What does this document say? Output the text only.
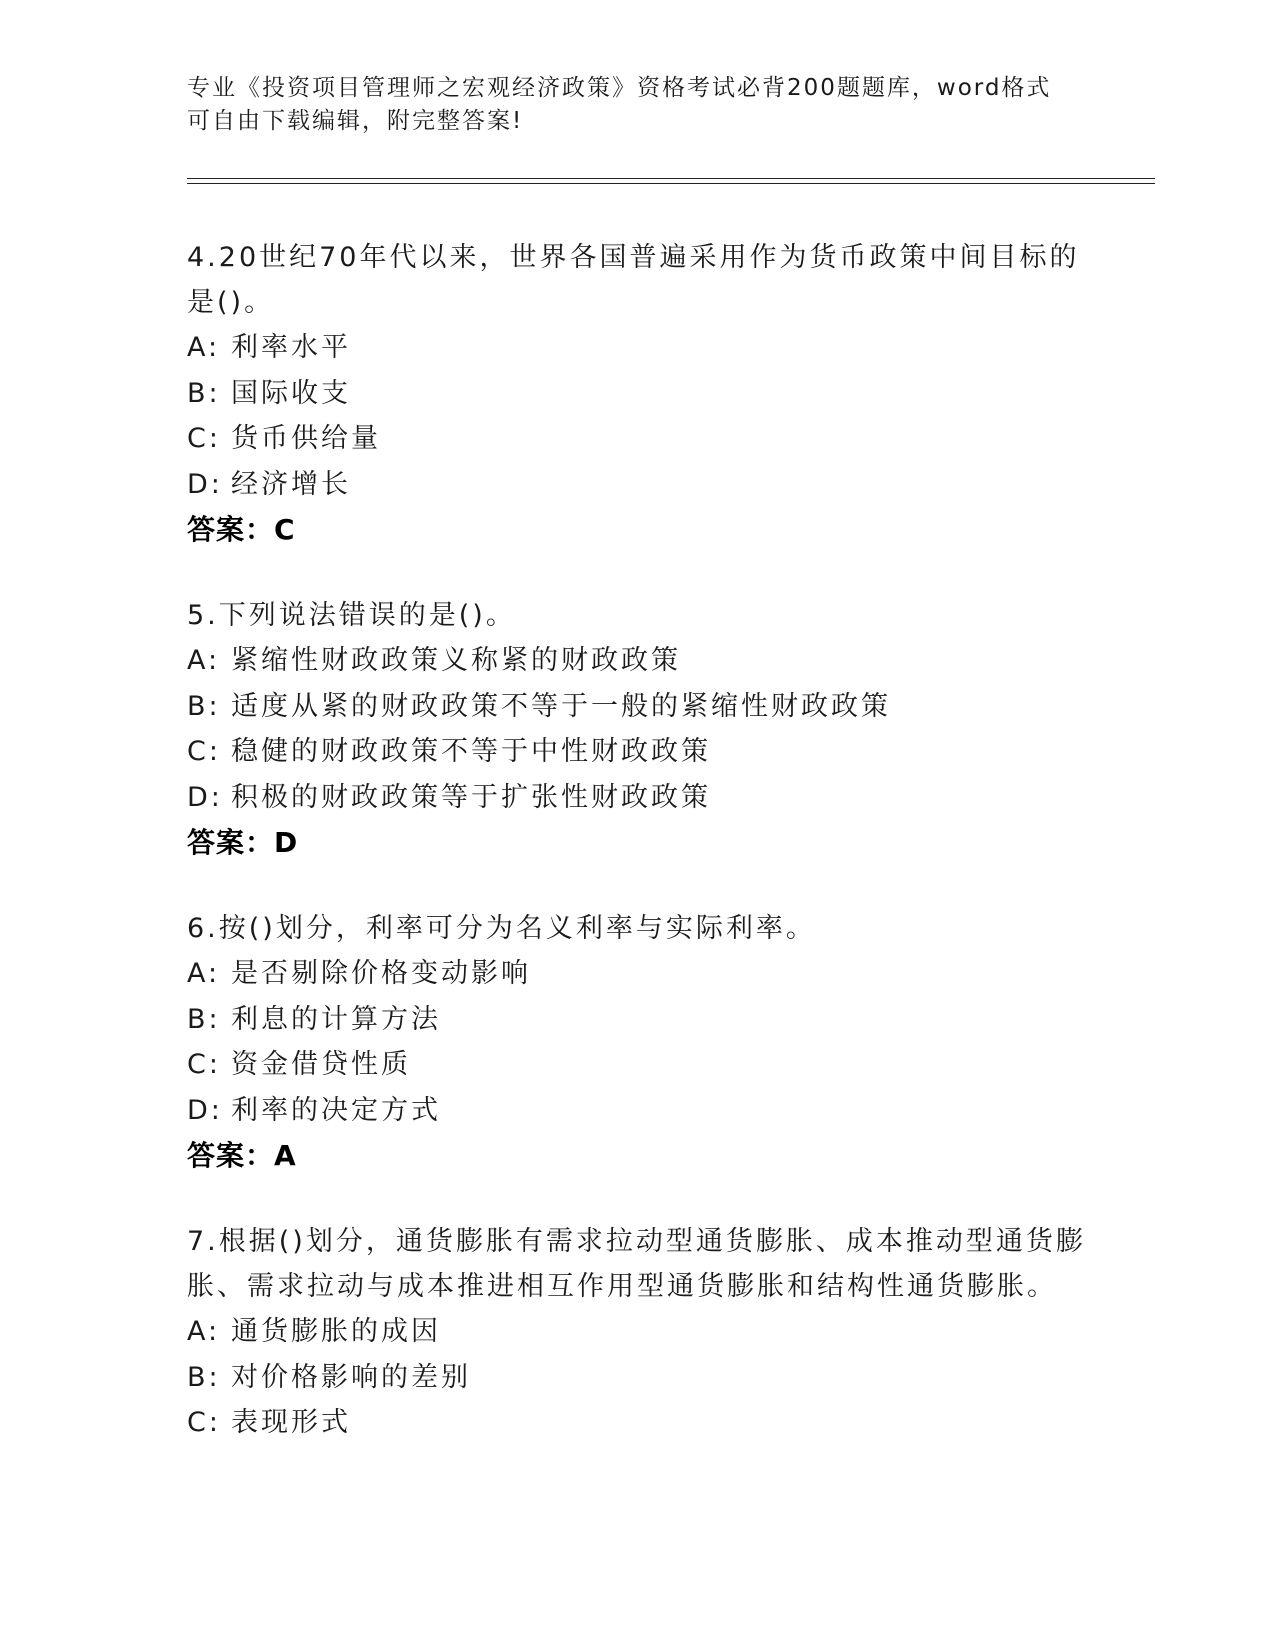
专业《投资项目管理师之宏观经济政策》资格考试必背200题题库，word格式可自由下载编辑，附完整答案!
4.20世纪70年代以来，世界各国普遍采用作为货币政策中间目标的是()。
A: 利率水平
B: 国际收支
C: 货币供给量
D: 经济增长
答案：C
5.下列说法错误的是()。
A: 紧缩性财政政策义称紧的财政政策
B: 适度从紧的财政政策不等于一般的紧缩性财政政策
C: 稳健的财政政策不等于中性财政政策
D: 积极的财政政策等于扩张性财政政策
答案：D
6.按()划分，利率可分为名义利率与实际利率。
A: 是否剔除价格变动影响
B: 利息的计算方法
C: 资金借贷性质
D: 利率的决定方式
答案：A
7.根据()划分，通货膨胀有需求拉动型通货膨胀、成本推动型通货膨胀、需求拉动与成本推进相互作用型通货膨胀和结构性通货膨胀。
A: 通货膨胀的成因
B: 对价格影响的差别
C: 表现形式
